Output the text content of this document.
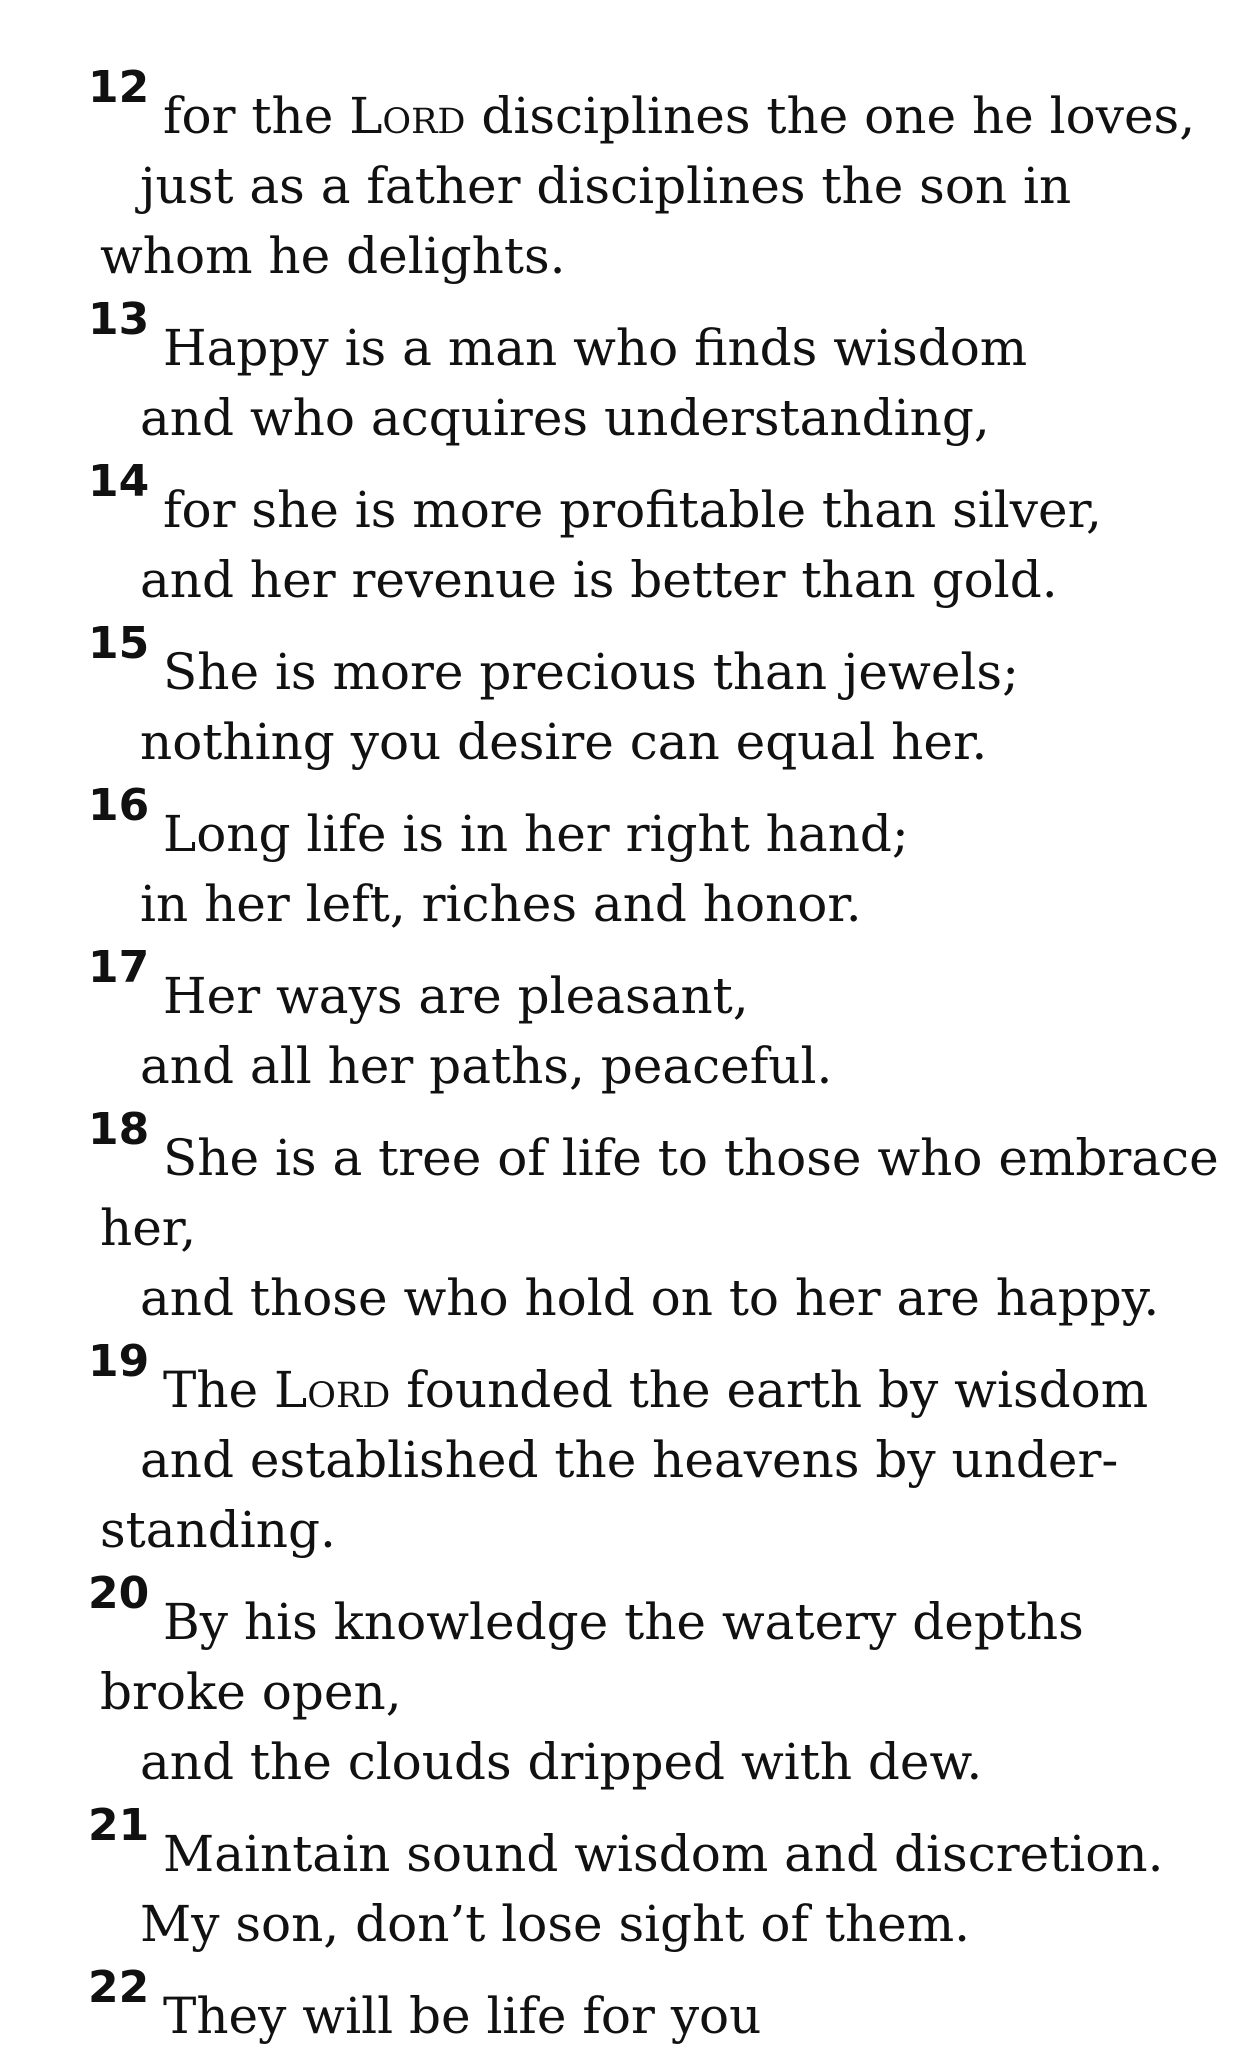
12 for the Lord disciplines the one he loves,
just as a father disciplines the son in
whom he delights.
13 Happy is a man who finds wisdom
and who acquires understanding,
14 for she is more profitable than silver,
and her revenue is better than gold.
15 She is more precious than jewels;
nothing you desire can equal her.
16 Long life is in her right hand;
in her left, riches and honor.
17 Her ways are pleasant,
and all her paths, peaceful.
18 She is a tree of life to those who embrace
her,
and those who hold on to her are happy.
19 The Lord founded the earth by wisdom
and established the heavens by under-
standing.
20 By his knowledge the watery depths
broke open,
and the clouds dripped with dew.
21 Maintain sound wisdom and discretion.
My son, don’t lose sight of them.
22 They will be life for you
